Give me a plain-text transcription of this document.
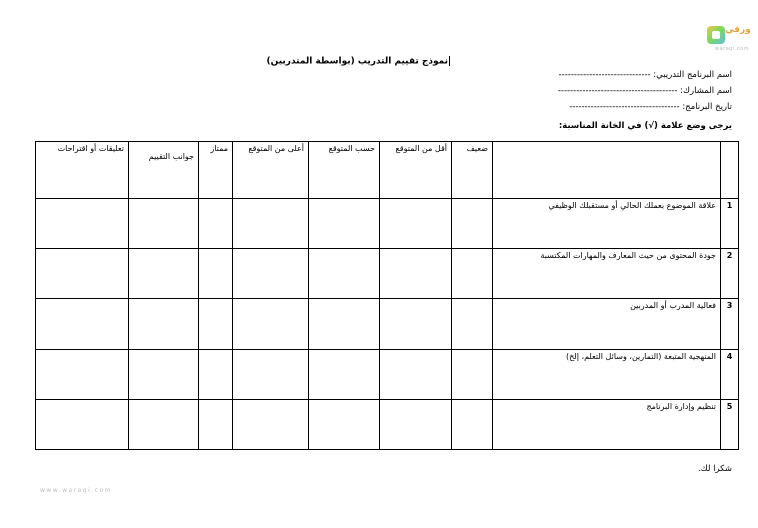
ورقي
waraqi.com
نموذج تقييم التدريب (بواسطة المتدربين)
اسم البرنامج التدريبي: ------------------------------
اسم المشارك: ---------------------------------------
تاريخ البرنامج: ------------------------------------
يرجى وضع علامة (√) في الخانة المناسبة:
		ضعيف	أقل من المتوقع	حسب المتوقع	أعلى من المتوقع	ممتاز	جوانب التقييم	تعليقات أو اقتراحات
1	علاقة الموضوع بعملك الحالي أو مستقبلك الوظيفي							
2	جودة المحتوى من حيث المعارف والمهارات المكتسبة							
3	فعالية المدرب أو المدربين							
4	المنهجية المتبعة (التمارين، وسائل التعلم، إلخ)							
5	تنظيم وإدارة البرنامج							
شكرا لك.
www.waraqi.com
